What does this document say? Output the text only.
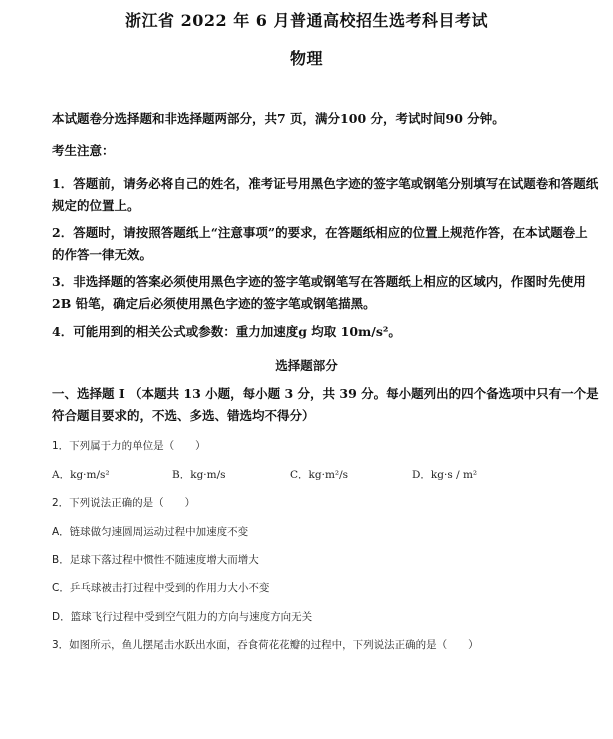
浙江省 2022 年 6 月普通高校招生选考科目考试
物理
本试题卷分选择题和非选择题两部分，共7 页，满分100 分，考试时间90 分钟。
考生注意：
1．答题前，请务必将自己的姓名，准考证号用黑色字迹的签字笔或钢笔分别填写在试题卷和答题纸规定的位置上。
2．答题时，请按照答题纸上“注意事项”的要求，在答题纸相应的位置上规范作答，在本试题卷上的作答一律无效。
3．非选择题的答案必须使用黑色字迹的签字笔或钢笔写在答题纸上相应的区域内，作图时先使用 2B 铅笔，确定后必须使用黑色字迹的签字笔或钢笔描黑。
4．可能用到的相关公式或参数：重力加速度g 均取 10m/s²。
选择题部分
一、选择题 I （本题共 13 小题，每小题 3 分，共 39 分。每小题列出的四个备选项中只有一个是符合题目要求的，不选、多选、错选均不得分）
1．下列属于力的单位是（　　）
A．kg·m/s²	B．kg·m/s	C．kg·m²/s	D．kg·s / m²
2．下列说法正确的是（　　）
A．链球做匀速圆周运动过程中加速度不变
B．足球下落过程中惯性不随速度增大而增大
C．乒乓球被击打过程中受到的作用力大小不变
D．篮球飞行过程中受到空气阻力的方向与速度方向无关
3．如图所示，鱼儿摆尾击水跃出水面，吞食荷花花瓣的过程中，下列说法正确的是（　　）
